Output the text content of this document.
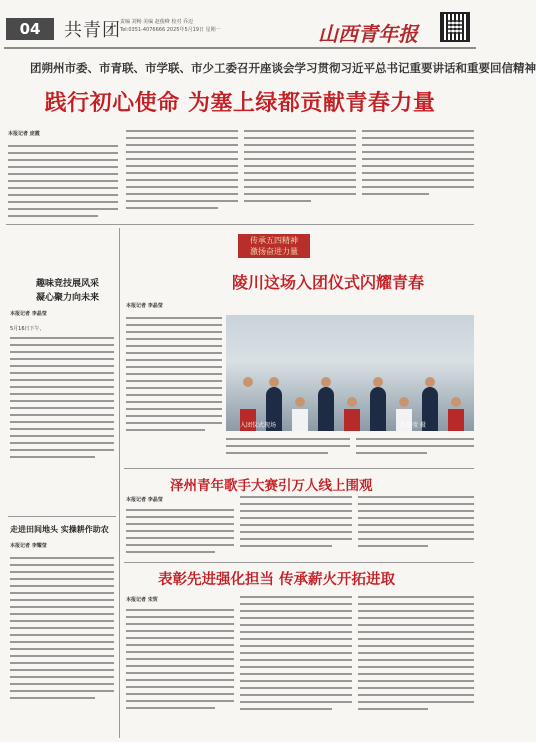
04	共青团 责编 刘畅 美编 赵俊峰 校对 乔迈
Tel:0351-4076666 2025年5月19日 星期一	山西青年报
团朔州市委、市青联、市学联、市少工委召开座谈会学习贯彻习近平总书记重要讲话和重要回信精神
践行初心使命 为塞上绿都贡献青春力量
本报记者 庞霞
趣味竞技展风采
凝心聚力向未来
本报记者 李晶莹
5月16日下午，
走进田间地头 实操耕作助农
本报记者 李耀莹
传承五四精神
激扬奋进力量
陵川这场入团仪式闪耀青春
本报记者 李晶莹
入团仪式现场	李晶莹 摄
泽州青年歌手大赛引万人线上围观
本报记者 李晶莹
表彰先进强化担当 传承薪火开拓进取
本报记者 宋贺
